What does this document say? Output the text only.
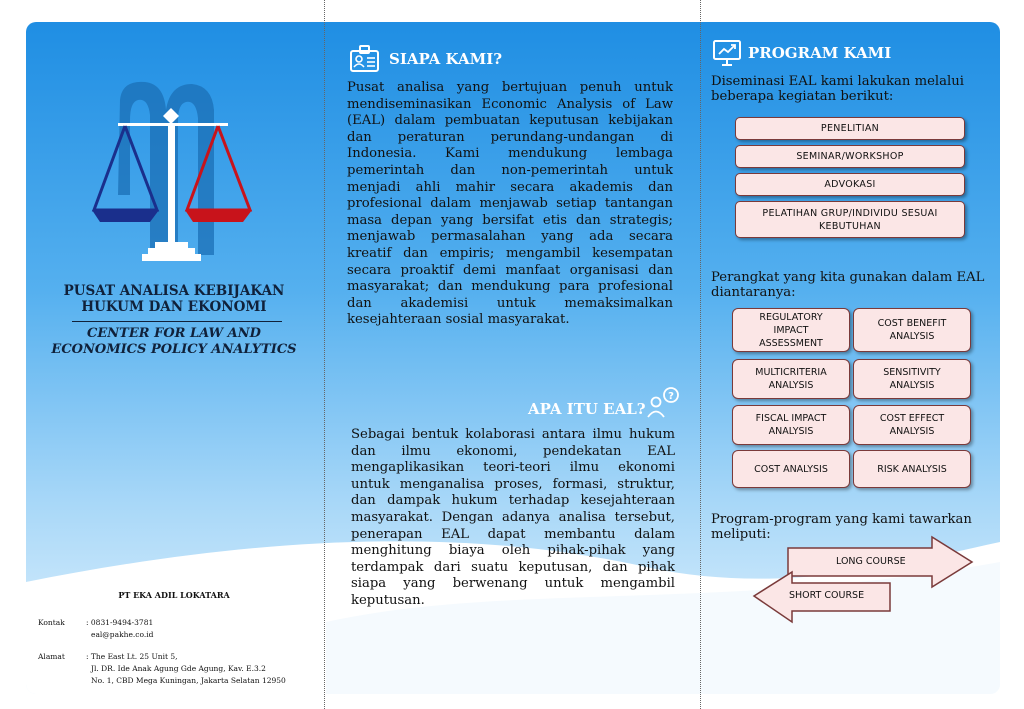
PUSAT ANALISA KEBIJAKAN
HUKUM DAN EKONOMI
CENTER FOR LAW AND
ECONOMICS POLICY ANALYTICS
PT EKA ADIL LOKATARA
Kontak	: 0831-9494-3781
eal@pakhe.co.id
Alamat	: The East Lt. 25 Unit 5,
Jl. DR. Ide Anak Agung Gde Agung, Kav. E.3.2
No. 1, CBD Mega Kuningan, Jakarta Selatan 12950
SIAPA KAMI?
Pusat analisa yang bertujuan penuh untuk
mendiseminasikan Economic Analysis of Law
(EAL) dalam pembuatan keputusan kebijakan
dan peraturan perundang-undangan di
Indonesia. Kami mendukung lembaga
pemerintah dan non-pemerintah untuk
menjadi ahli mahir secara akademis dan
profesional dalam menjawab setiap tantangan
masa depan yang bersifat etis dan strategis;
menjawab permasalahan yang ada secara
kreatif dan empiris; mengambil kesempatan
secara proaktif demi manfaat organisasi dan
masyarakat; dan mendukung para profesional
dan akademisi untuk memaksimalkan
kesejahteraan sosial masyarakat.
APA ITU EAL?
?
Sebagai bentuk kolaborasi antara ilmu hukum
dan ilmu ekonomi, pendekatan EAL
mengaplikasikan teori-teori ilmu ekonomi
untuk menganalisa proses, formasi, struktur,
dan dampak hukum terhadap kesejahteraan
masyarakat. Dengan adanya analisa tersebut,
penerapan EAL dapat membantu dalam
menghitung biaya oleh pihak-pihak yang
terdampak dari suatu keputusan, dan pihak
siapa yang berwenang untuk mengambil
keputusan.
PROGRAM KAMI
Diseminasi EAL kami lakukan melalui
beberapa kegiatan berikut:
PENELITIAN
SEMINAR/WORKSHOP
ADVOKASI
PELATIHAN GRUP/INDIVIDU SESUAI KEBUTUHAN
Perangkat yang kita gunakan dalam EAL
diantaranya:
REGULATORY IMPACT ASSESSMENT
COST BENEFIT ANALYSIS
MULTICRITERIA ANALYSIS
SENSITIVITY ANALYSIS
FISCAL IMPACT ANALYSIS
COST EFFECT ANALYSIS
COST ANALYSIS	RISK ANALYSIS
Program-program yang kami tawarkan
meliputi:
LONG COURSE
SHORT COURSE
